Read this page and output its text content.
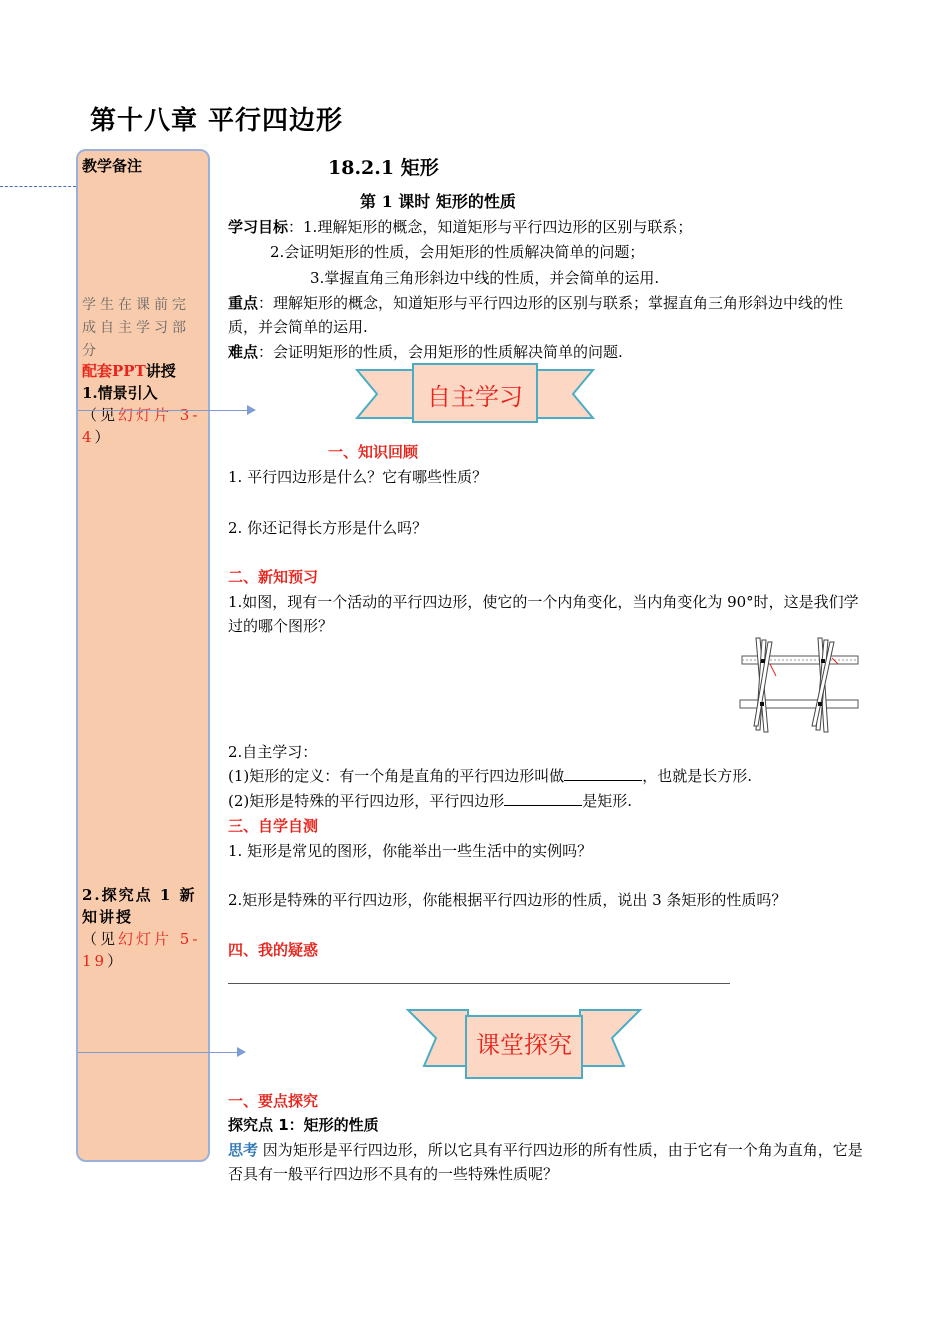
第十八章 平行四边形
教学备注
学生在课前完成自主学习部分
配套PPT讲授
1.情景引入
（见幻灯片 3-4）
2.探究点 1 新知讲授
（见幻灯片 5-19）
18.2.1 矩形
第 1 课时 矩形的性质
学习目标：1.理解矩形的概念，知道矩形与平行四边形的区别与联系；
2.会证明矩形的性质，会用矩形的性质解决简单的问题；
3.掌握直角三角形斜边中线的性质，并会简单的运用.
重点：理解矩形的概念，知道矩形与平行四边形的区别与联系；掌握直角三角形斜边中线的性质，并会简单的运用.
难点：会证明矩形的性质，会用矩形的性质解决简单的问题.
自主学习
一、知识回顾
1. 平行四边形是什么？它有哪些性质？
2. 你还记得长方形是什么吗？
二、新知预习
1.如图，现有一个活动的平行四边形，使它的一个内角变化，当内角变化为 90°时，这是我们学过的哪个图形？
2.自主学习：
(1)矩形的定义：有一个角是直角的平行四边形叫做	，也就是长方形.
(2)矩形是特殊的平行四边形，平行四边形	是矩形.
三、自学自测
1. 矩形是常见的图形，你能举出一些生活中的实例吗？
2.矩形是特殊的平行四边形，你能根据平行四边形的性质，说出 3 条矩形的性质吗？
四、我的疑惑
课堂探究
一、要点探究
探究点 1：矩形的性质
思考 因为矩形是平行四边形，所以它具有平行四边形的所有性质，由于它有一个角为直角，它是否具有一般平行四边形不具有的一些特殊性质呢？
